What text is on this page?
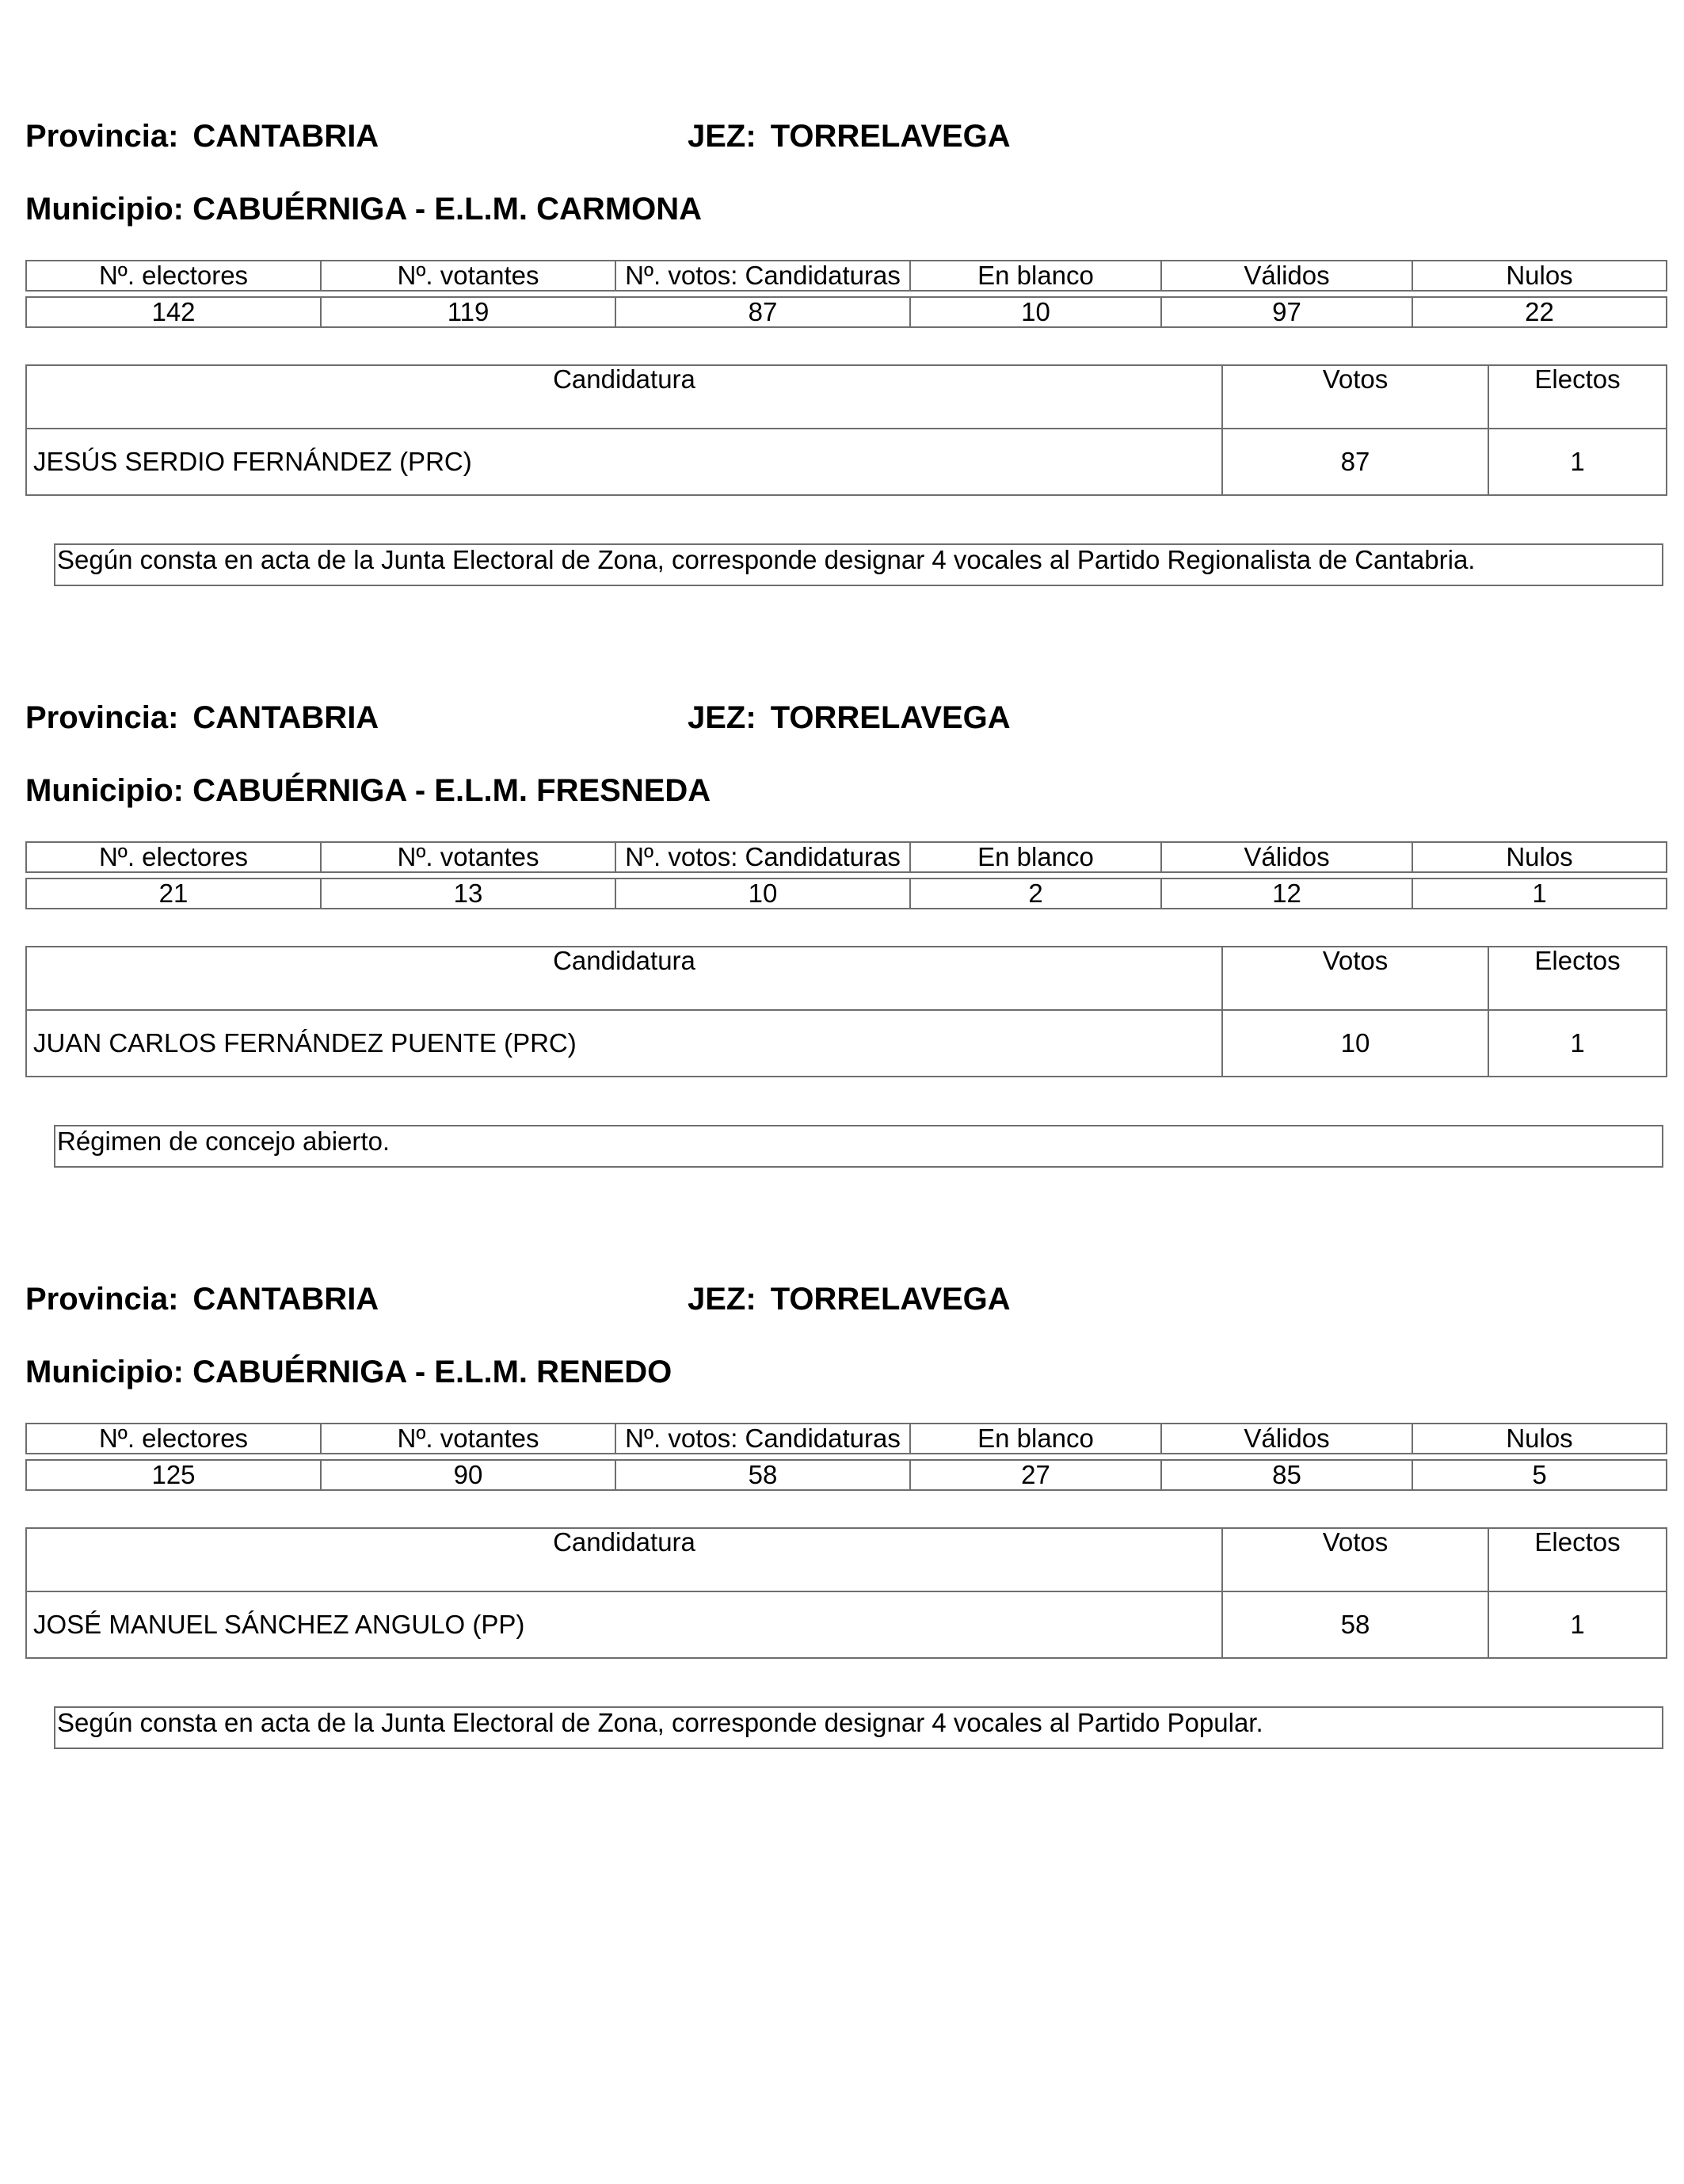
Provincia: CANTABRIA	JEZ: TORRELAVEGA
Municipio: CABUÉRNIGA - E.L.M. CARMONA
Nº. electores	Nº. votantes	Nº. votos: Candidaturas	En blanco	Válidos	Nulos

142	119	87	10	97	22
Candidatura	Votos	Electos
JESÚS SERDIO FERNÁNDEZ (PRC)	87	1
Según consta en acta de la Junta Electoral de Zona, corresponde designar 4 vocales al Partido Regionalista de Cantabria.
Provincia: CANTABRIA	JEZ: TORRELAVEGA
Municipio: CABUÉRNIGA - E.L.M. FRESNEDA
Nº. electores	Nº. votantes	Nº. votos: Candidaturas	En blanco	Válidos	Nulos

21	13	10	2	12	1
Candidatura	Votos	Electos
JUAN CARLOS FERNÁNDEZ PUENTE (PRC)	10	1
Régimen de concejo abierto.
Provincia: CANTABRIA	JEZ: TORRELAVEGA
Municipio: CABUÉRNIGA - E.L.M. RENEDO
Nº. electores	Nº. votantes	Nº. votos: Candidaturas	En blanco	Válidos	Nulos

125	90	58	27	85	5
Candidatura	Votos	Electos
JOSÉ MANUEL SÁNCHEZ ANGULO (PP)	58	1
Según consta en acta de la Junta Electoral de Zona, corresponde designar 4 vocales al Partido Popular.
